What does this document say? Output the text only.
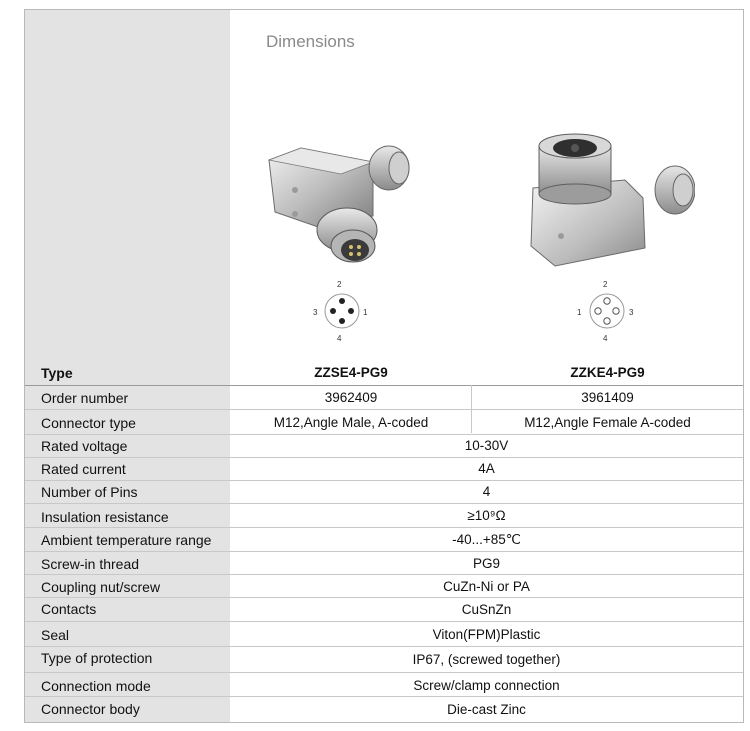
Dimensions
2
3	1
4
2
1	3
4
Type	ZZSE4-PG9	ZZKE4-PG9
Order number	3962409	3961409
Connector type	M12,Angle Male, A-coded	M12,Angle Female A-coded
Rated voltage	10-30V
Rated current	4A
Number of Pins	4
Insulation resistance	≥10⁹Ω
Ambient temperature range	-40...+85℃
Screw-in thread	PG9
Coupling nut/screw	CuZn-Ni or PA
Contacts	CuSnZn
Seal	Viton(FPM)Plastic
Type of protection	IP67, (screwed together)
Connection mode	Screw/clamp connection
Connector body	Die-cast Zinc
